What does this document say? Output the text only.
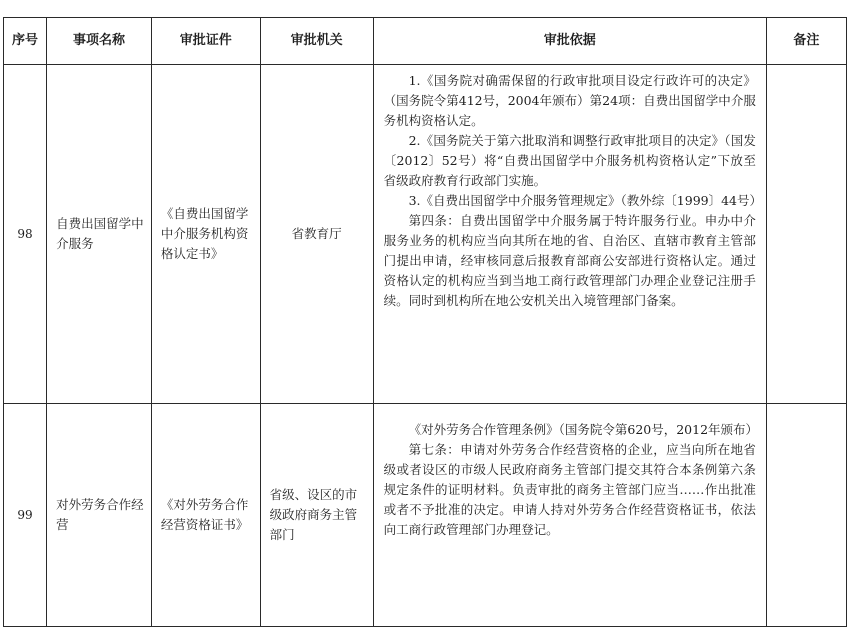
序号	事项名称	审批证件	审批机关	审批依据	备注
98	自费出国留学中介服务	《自费出国留学中介服务机构资格认定书》	省教育厅	1.《国务院对确需保留的行政审批项目设定行政许可的决定》（国务院令第412号，2004年颁布）第24项：自费出国留学中介服务机构资格认定。

2.《国务院关于第六批取消和调整行政审批项目的决定》（国发〔2012〕52号）将“自费出国留学中介服务机构资格认定”下放至省级政府教育行政部门实施。

3.《自费出国留学中介服务管理规定》（教外综〔1999〕44号）

第四条：自费出国留学中介服务属于特许服务行业。申办中介服务业务的机构应当向其所在地的省、自治区、直辖市教育主管部门提出申请，经审核同意后报教育部商公安部进行资格认定。通过资格认定的机构应当到当地工商行政管理部门办理企业登记注册手续。同时到机构所在地公安机关出入境管理部门备案。	

99	对外劳务合作经营	《对外劳务合作经营资格证书》	省级、设区的市级政府商务主管部门	《对外劳务合作管理条例》（国务院令第620号，2012年颁布）

第七条：申请对外劳务合作经营资格的企业，应当向所在地省级或者设区的市级人民政府商务主管部门提交其符合本条例第六条规定条件的证明材料。负责审批的商务主管部门应当……作出批准或者不予批准的决定。申请人持对外劳务合作经营资格证书，依法向工商行政管理部门办理登记。	
